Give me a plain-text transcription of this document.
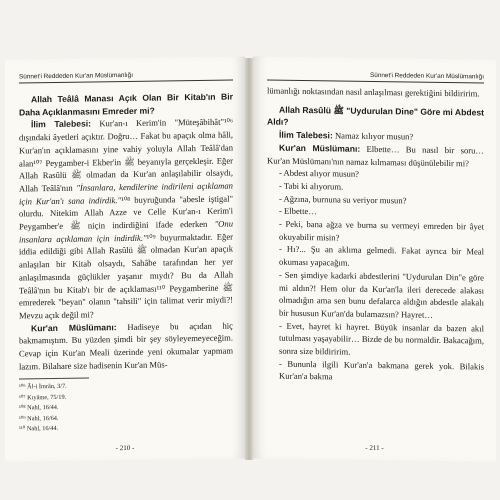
Sünnet'i Reddeden Kur'an Müslümanlığı

Allah Teâlâ Manası Açık Olan Bir Kitab'ın Bir Daha Açıklanmasını Emreder mi?

İlim Talebesi: Kur'an-ı Kerim'in "Müteşâbihât"¹⁰⁶ dışındaki âyetleri açıktır. Doğru… Fakat bu apaçık olma hâli, Kur'an'ın açıklamasını yine vahiy yoluyla Allah Teâlâ'dan alan¹⁰⁷ Peygamber-i Ekber'in ﷺ beyanıyla gerçekleşir. Eğer Allah Rasûlü ﷺ olmadan da Kur'an anlaşılabilir olsaydı, Allah Teâlâ'nın "İnsanlara, kendilerine indirileni açıklaman için Kur'an'ı sana indirdik."¹⁰⁸ buyruğunda "abesle iştigal" olurdu. Nitekim Allah Azze ve Celle Kur'an-ı Kerim'i Peygamber'e ﷺ niçin indirdiğini ifade ederken "Onu insanlara açıklaman için indirdik."¹⁰⁹ buyurmaktadır. Eğer iddia edildiği gibi Allah Rasûlü ﷺ olmadan Kur'an apaçık anlaşılan bir Kitab olsaydı, Sahâbe tarafından her yer anlaşılmasında güçlükler yaşanır mıydı? Bu da Allah Teâlâ'nın bu Kitab'ı bir de açıklaması¹¹⁰ Peygamberine ﷺ emrederek "beyan" olanın "tahsili" için talimat verir miydi?! Mevzu açık değil mi?

Kur'an Müslümanı: Hadiseye bu açıdan hiç bakmamıştım. Bu yüzden şimdi bir şey söyleyemeyeceğim. Cevap için Kur'an Meali üzerinde yeni okumalar yapmam lazım. Bilahare size hadisenin Kur'an Müs-

¹⁰⁶ Âl-i İmrân, 3/7.
¹⁰⁷ Kıyâme, 75/19.
¹⁰⁸ Nahl, 16/44.
¹⁰⁹ Nahl, 16/64.
¹¹⁰ Nahl, 16/44.
- 210 -
Sünnet'i Reddeden Kur'an Müslümanlığı

lümanlığı noktasından nasıl anlaşılması gerektiğini bildiririm.

Allah Rasûlü ﷺ "Uydurulan Dine" Göre mi Abdest Aldı?

İlim Talebesi: Namaz kılıyor musun?

Kur'an Müslümanı: Elbette… Bu nasıl bir soru… Kur'an Müslümanı'nın namaz kılmaması düşünülebilir mi?

- Abdest alıyor musun?

- Tabi ki alıyorum.

- Ağzına, burnuna su veriyor musun?

- Elbette…

- Peki, bana ağza ve burna su vermeyi emreden bir âyet okuyabilir misin?

- Hı?... Şu an aklıma gelmedi. Fakat ayrıca bir Meal okuması yapacağım.

- Sen şimdiye kadarki abdestlerini "Uydurulan Din"e göre mi aldın?! Hem olur da Kur'an'la ileri derecede alakası olmadığın ama sen bunu defalarca aldığın abdestle alakalı bir hususun Kur'an'da bulamazsın? Hayret…

- Evet, hayret ki hayret. Büyük insanlar da bazen akıl tutulması yaşayabilir… Bizde de bu normaldir. Bakacağım, sonra size bildiririm.

- Bununla ilgili Kur'an'a bakmana gerek yok. Bilakis Kur'an'a bakma

- 211 -
